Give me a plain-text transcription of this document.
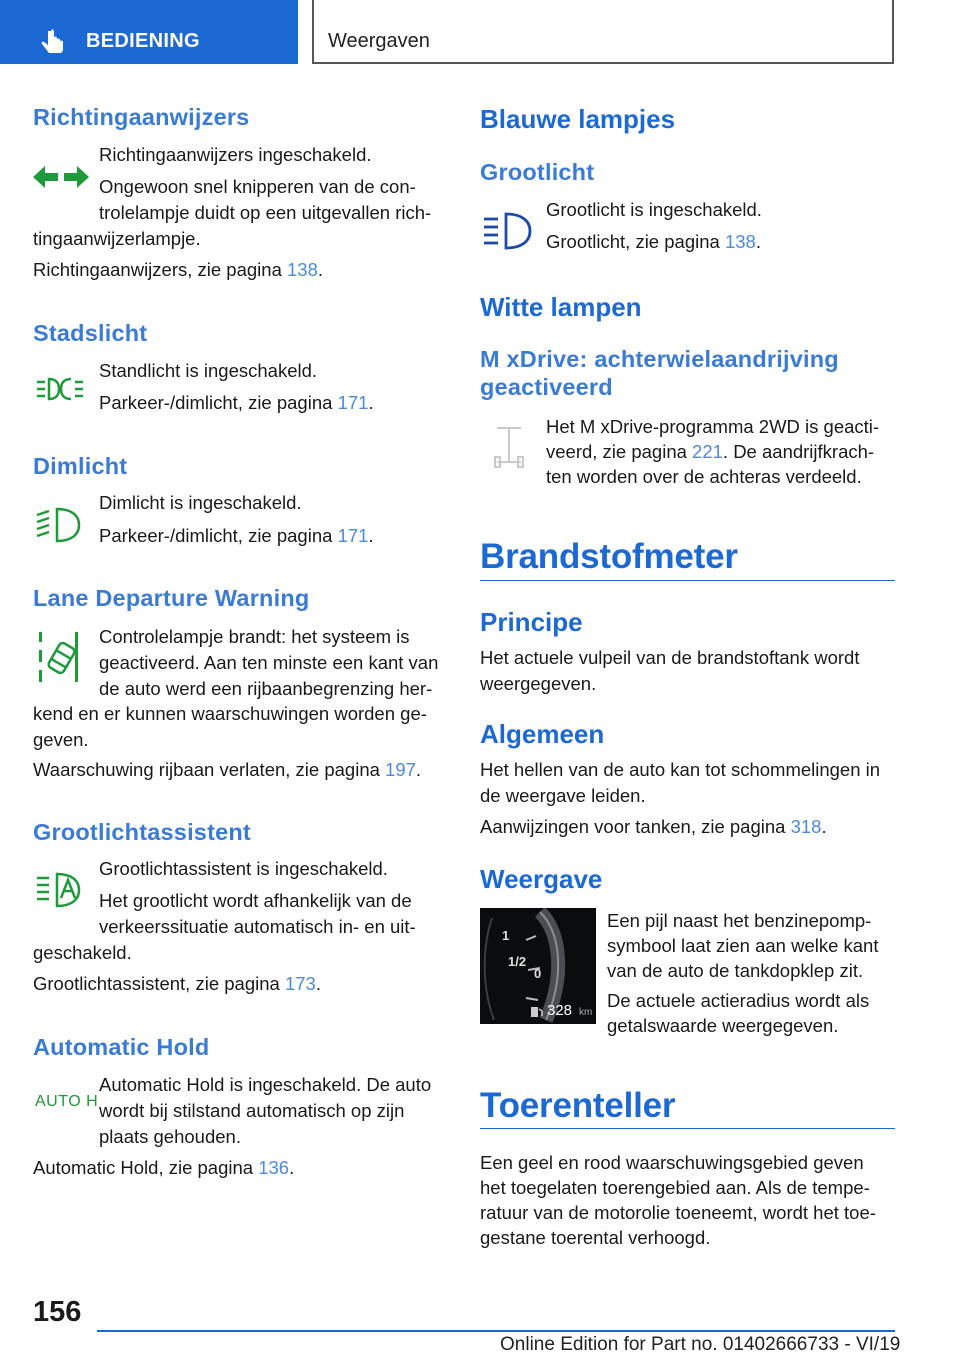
BEDIENING	Weergaven
Richtingaanwijzers

Richtingaanwijzers ingeschakeld.

Ongewoon snel knipperen van de con-

trolelampje duidt op een uitgevallen rich-

tingaanwijzerlampje.

Richtingaanwijzers, zie pagina 138.

Stadslicht

Standlicht is ingeschakeld.

Parkeer-/dimlicht, zie pagina 171.

Dimlicht

Dimlicht is ingeschakeld.

Parkeer-/dimlicht, zie pagina 171.

Lane Departure Warning

Controlelampje brandt: het systeem is

geactiveerd. Aan ten minste een kant van

de auto werd een rijbaanbegrenzing her-

kend en er kunnen waarschuwingen worden ge-

geven.

Waarschuwing rijbaan verlaten, zie pagina 197.

Grootlichtassistent

Grootlichtassistent is ingeschakeld.

Het grootlicht wordt afhankelijk van de

verkeerssituatie automatisch in- en uit-

geschakeld.

Grootlichtassistent, zie pagina 173.

Automatic Hold
AUTO H

Automatic Hold is ingeschakeld. De auto

wordt bij stilstand automatisch op zijn

plaats gehouden.

Automatic Hold, zie pagina 136.

Blauwe lampjes
Grootlicht

Grootlicht is ingeschakeld.

Grootlicht, zie pagina 138.

Witte lampen
M xDrive: achterwielaandrijving
geactiveerd

Het M xDrive-programma 2WD is geacti-

veerd, zie pagina 221. De aandrijfkrach-

ten worden over de achteras verdeeld.

Brandstofmeter
Principe

Het actuele vulpeil van de brandstoftank wordt

weergegeven.

Algemeen

Het hellen van de auto kan tot schommelingen in

de weergave leiden.

Aanwijzingen voor tanken, zie pagina 318.

Weergave
1
1/2
0
328 km

Een pijl naast het benzinepomp-

symbool laat zien aan welke kant

van de auto de tankdopklep zit.

De actuele actieradius wordt als

getalswaarde weergegeven.

Toerenteller

Een geel en rood waarschuwingsgebied geven

het toegelaten toerengebied aan. Als de tempe-

ratuur van de motorolie toeneemt, wordt het toe-

gestane toerental verhoogd.

156
Online Edition for Part no. 01402666733 - VI/19
